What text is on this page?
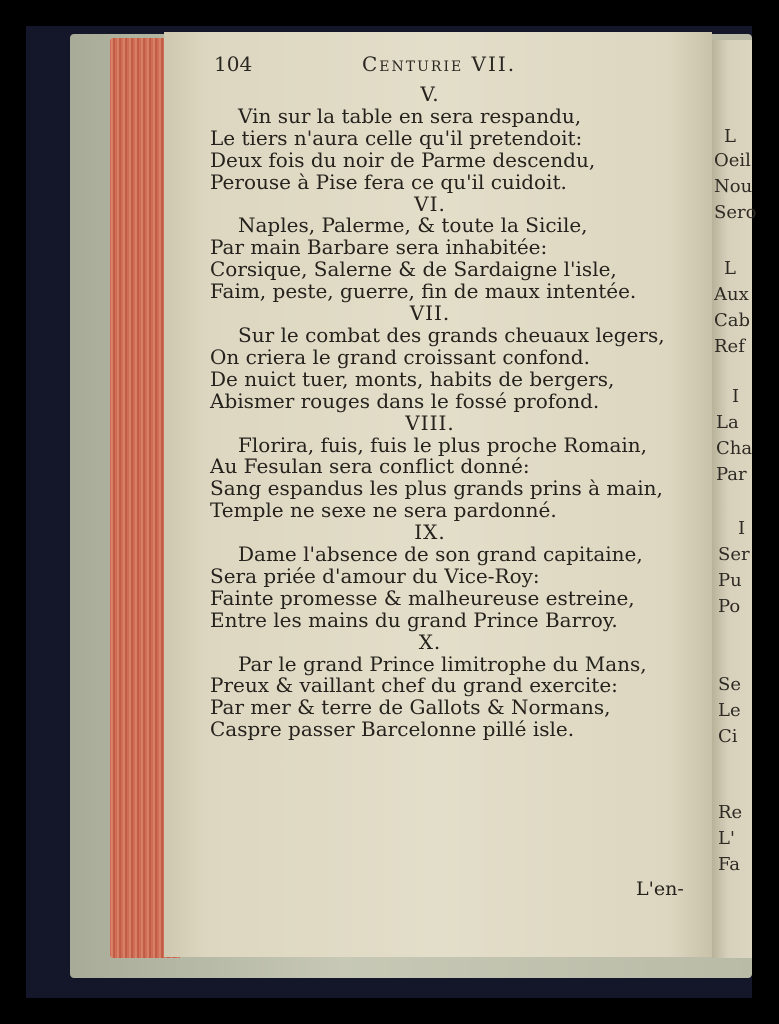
L
Oeil
Nou
Sero
L
Aux
Cab
Ref
I
La
Cha
Par
I
Ser
Pu
Po
Se
Le
Ci
Re
L'
Fa
104	Centurie VII.
V.
Vin sur la table en sera respandu,
Le tiers n'aura celle qu'il pretendoit:
Deux fois du noir de Parme descendu,
Perouse à Pise fera ce qu'il cuidoit.
VI.
Naples, Palerme, & toute la Sicile,
Par main Barbare sera inhabitée:
Corsique, Salerne & de Sardaigne l'isle,
Faim, peste, guerre, fin de maux intentée.
VII.
Sur le combat des grands cheuaux legers,
On criera le grand croissant confond.
De nuict tuer, monts, habits de bergers,
Abismer rouges dans le fossé profond.
VIII.
Florira, fuis, fuis le plus proche Romain,
Au Fesulan sera conflict donné:
Sang espandus les plus grands prins à main,
Temple ne sexe ne sera pardonné.
IX.
Dame l'absence de son grand capitaine,
Sera priée d'amour du Vice-Roy:
Fainte promesse & malheureuse estreine,
Entre les mains du grand Prince Barroy.
X.
Par le grand Prince limitrophe du Mans,
Preux & vaillant chef du grand exercite:
Par mer & terre de Gallots & Normans,
Caspre passer Barcelonne pillé isle.
L'en-
